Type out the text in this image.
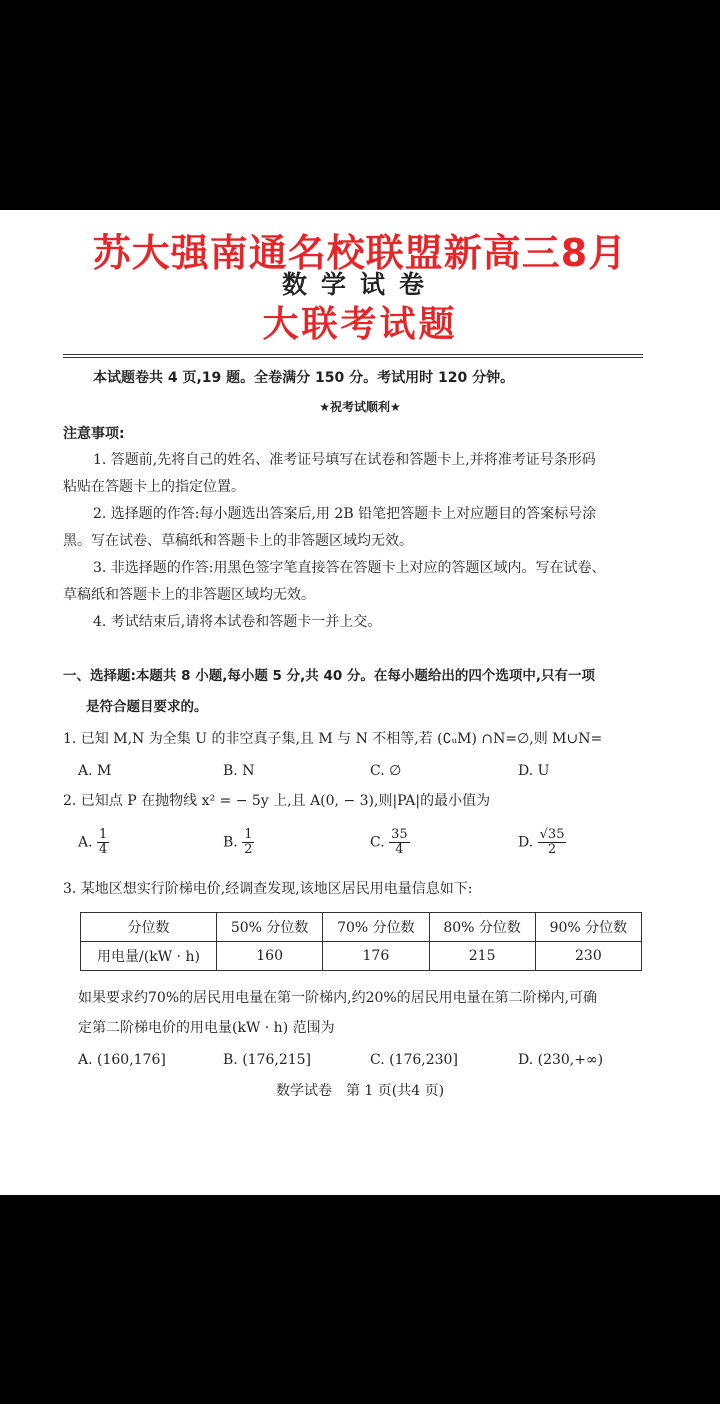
苏大强南通名校联盟新高三8月
数学试卷
大联考试题
本试题卷共 4 页,19 题。全卷满分 150 分。考试用时 120 分钟。
★祝考试顺利★
注意事项:
1. 答题前,先将自己的姓名、准考证号填写在试卷和答题卡上,并将准考证号条形码
粘贴在答题卡上的指定位置。
2. 选择题的作答:每小题选出答案后,用 2B 铅笔把答题卡上对应题目的答案标号涂
黑。写在试卷、草稿纸和答题卡上的非答题区域均无效。
3. 非选择题的作答:用黑色签字笔直接答在答题卡上对应的答题区域内。写在试卷、
草稿纸和答题卡上的非答题区域均无效。
4. 考试结束后,请将本试卷和答题卡一并上交。
一、选择题:本题共 8 小题,每小题 5 分,共 40 分。在每小题给出的四个选项中,只有一项
是符合题目要求的。
1. 已知 M,N 为全集 U 的非空真子集,且 M 与 N 不相等,若 (∁ᵤM) ∩N=∅,则 M∪N=
A. M	B. N	C. ∅	D. U
2. 已知点 P 在抛物线 x² = − 5y 上,且 A(0, − 3),则|PA|的最小值为
A. $\frac{1}{4}$	B. $\frac{1}{2}$	C. $\frac{35}{4}$	D. $\frac{√35}{2}$
3. 某地区想实行阶梯电价,经调查发现,该地区居民用电量信息如下:
分位数	50% 分位数	70% 分位数	80% 分位数	90% 分位数
用电量/(kW · h)	160	176	215	230
如果要求约70%的居民用电量在第一阶梯内,约20%的居民用电量在第二阶梯内,可确
定第二阶梯电价的用电量(kW · h) 范围为
A. (160,176]	B. (176,215]	C. (176,230]	D. (230,+∞)
数学试卷　第 1 页(共4 页)
